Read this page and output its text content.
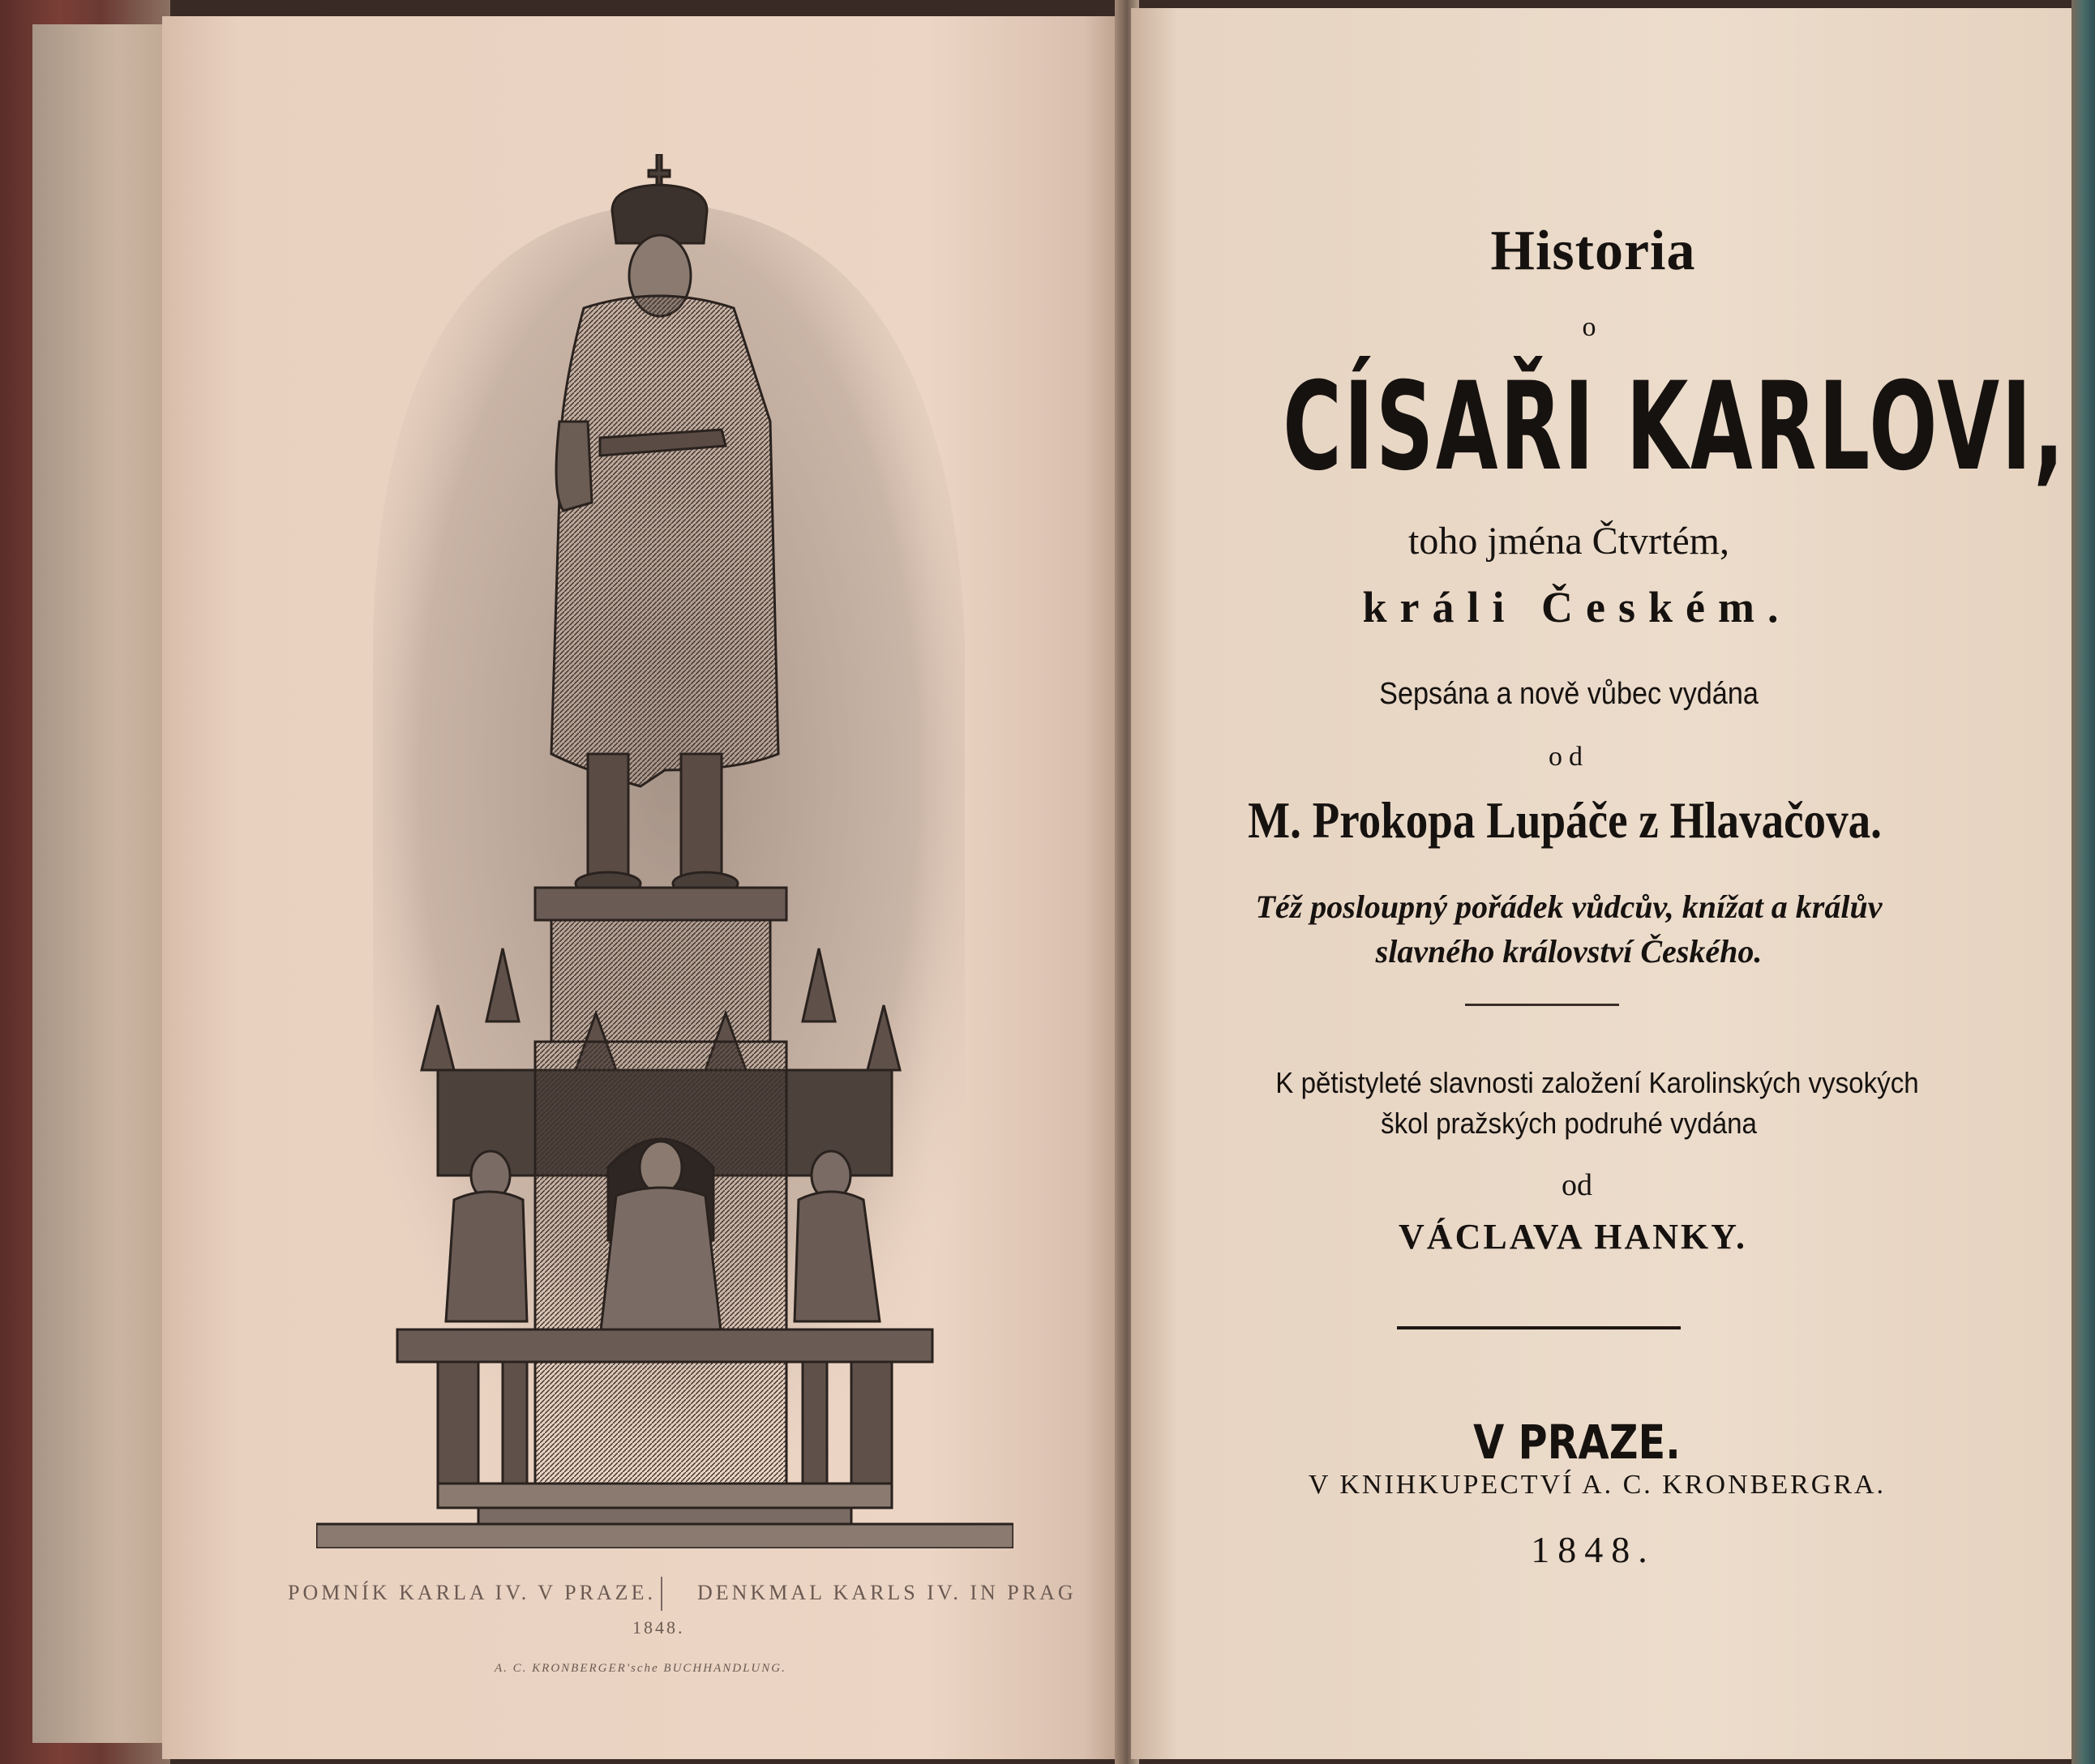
POMNÍK KARLA IV. V PRAZE. DENKMAL KARLS IV. IN PRAG
1848.
A. C. KRONBERGER'sche BUCHHANDLUNG.
Historia
o
CÍSAŘI KARLOVI,
toho jména Čtvrtém,
králi Českém.
Sepsána a nově vůbec vydána
od
M. Prokopa Lupáče z Hlavačova.
Též posloupný pořádek vůdcův, knížat a králův
slavného království Českého.
K pětistyleté slavnosti založení Karolinských vysokých
škol pražských podruhé vydána
od
VÁCLAVA HANKY.
V PRAZE.
V KNIHKUPECTVÍ A. C. KRONBERGRA.
1848.
